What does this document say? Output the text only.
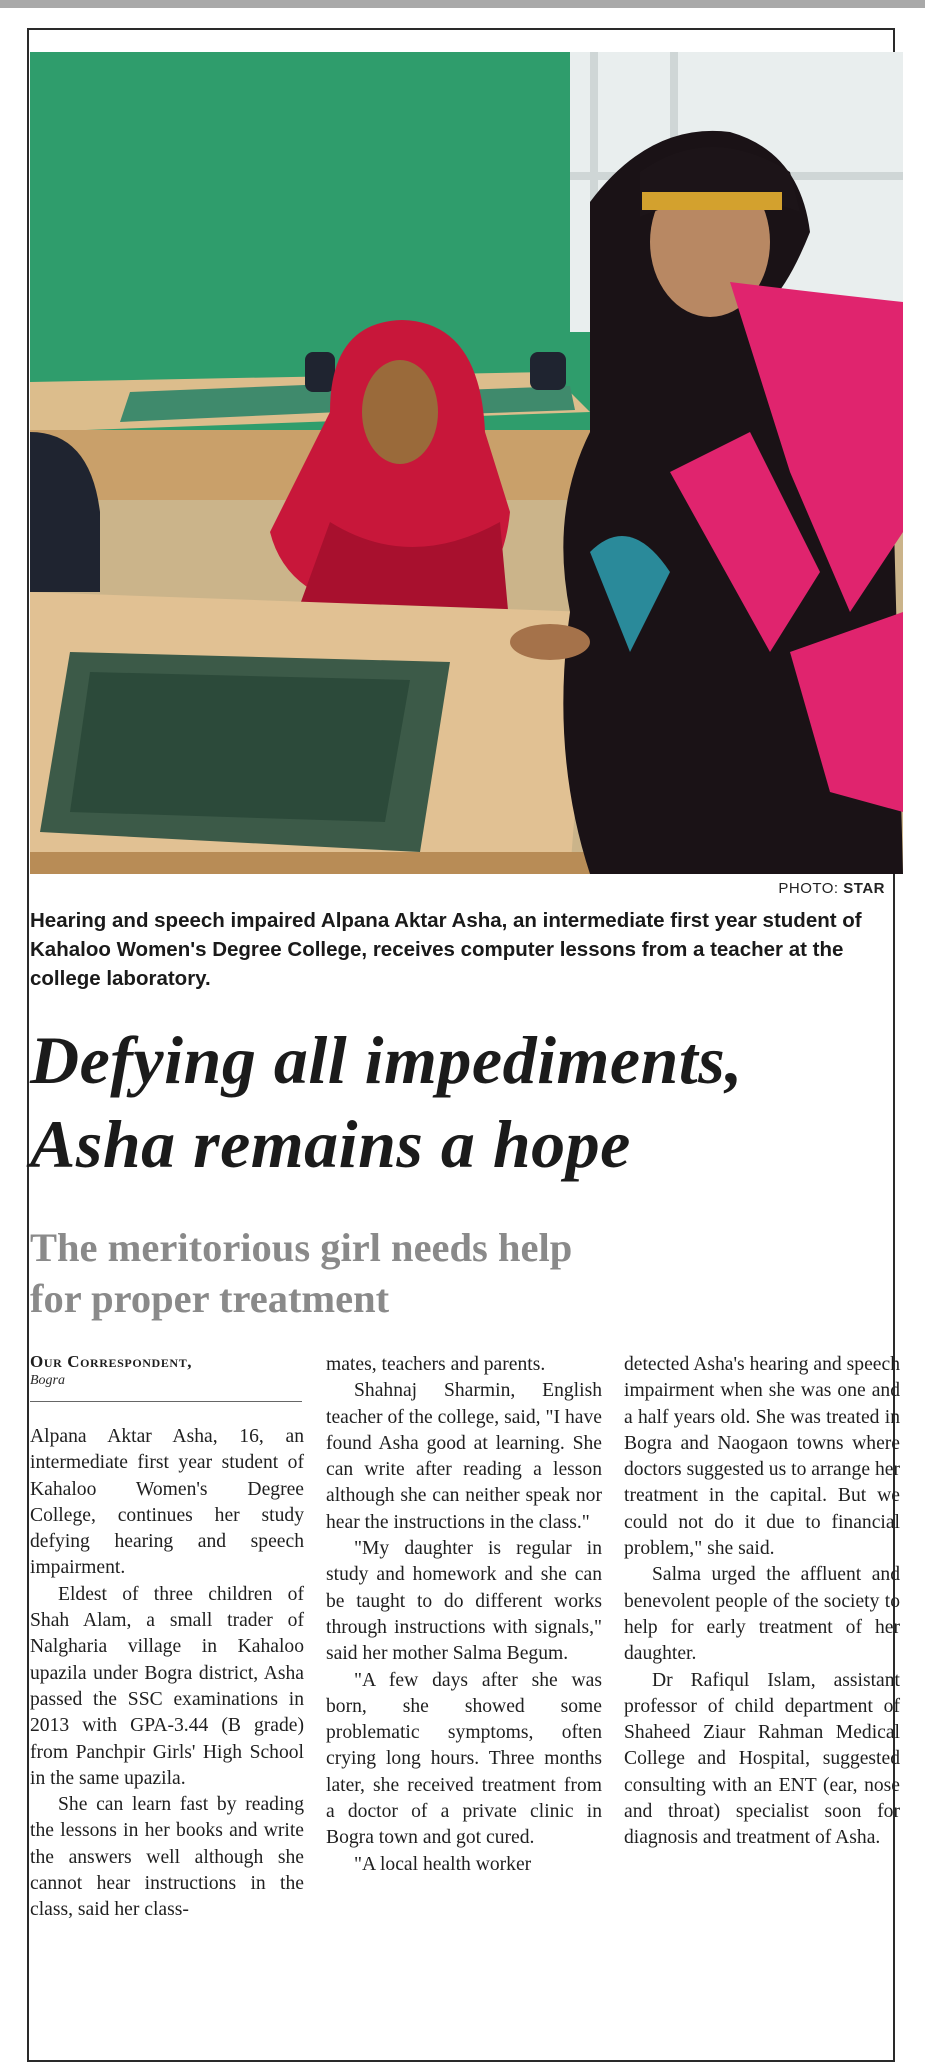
PHOTO: STAR
Hearing and speech impaired Alpana Aktar Asha, an intermediate first year student of Kahaloo Women's Degree College, receives computer lessons from a teacher at the college laboratory.
Defying all impediments,
Asha remains a hope
The meritorious girl needs help
for proper treatment
Our Correspondent,
Bogra

Alpana Aktar Asha, 16, an intermediate first year student of Kahaloo Women's Degree College, continues her study defying hearing and speech impairment.

Eldest of three children of Shah Alam, a small trader of Nalgharia village in Kahaloo upazila under Bogra district, Asha passed the SSC examinations in 2013 with GPA-3.44 (B grade) from Panchpir Girls' High School in the same upazila.

She can learn fast by reading the lessons in her books and write the answers well although she cannot hear instructions in the class, said her class-

mates, teachers and parents.

Shahnaj Sharmin, English teacher of the college, said, "I have found Asha good at learning. She can write after reading a lesson although she can neither speak nor hear the instructions in the class."

"My daughter is regular in study and homework and she can be taught to do different works through instructions with signals," said her mother Salma Begum.

"A few days after she was born, she showed some problematic symptoms, often crying long hours. Three months later, she received treatment from a doctor of a private clinic in Bogra town and got cured.

"A local health worker

detected Asha's hearing and speech impairment when she was one and a half years old. She was treated in Bogra and Naogaon towns where doctors suggested us to arrange her treatment in the capital. But we could not do it due to financial problem," she said.

Salma urged the affluent and benevolent people of the society to help for early treatment of her daughter.

Dr Rafiqul Islam, assistant professor of child department of Shaheed Ziaur Rahman Medical College and Hospital, suggested consulting with an ENT (ear, nose and throat) specialist soon for diagnosis and treatment of Asha.
